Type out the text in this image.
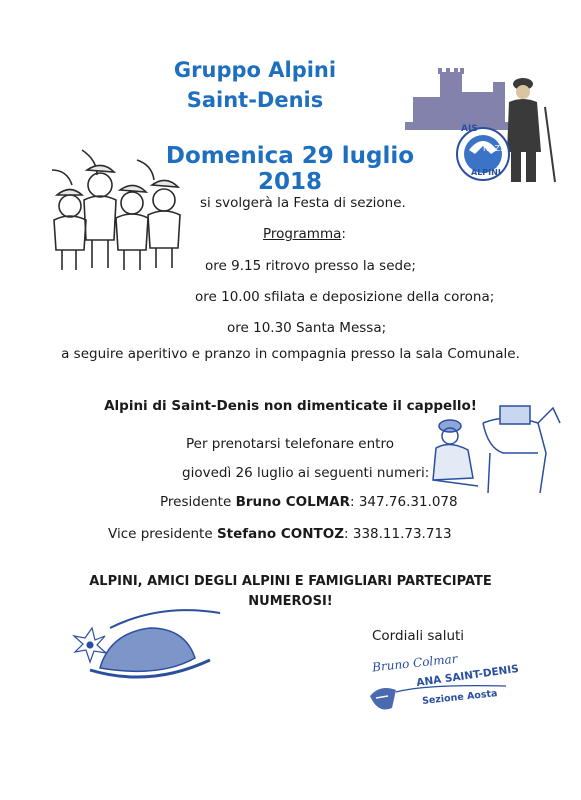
Gruppo Alpini
Saint-Denis
Domenica 29 luglio 2018
AJS
NAZ.
ALPINI
si svolgerà la Festa di sezione.
Programma:
ore 9.15 ritrovo presso la sede;
ore 10.00 sfilata e deposizione della corona;
ore 10.30 Santa Messa;
a seguire aperitivo e pranzo in compagnia presso la sala Comunale.
Alpini di Saint-Denis non dimenticate il cappello!
Per prenotarsi telefonare entro
giovedì 26 luglio ai seguenti numeri:
Presidente Bruno COLMAR: 347.76.31.078
Vice presidente Stefano CONTOZ: 338.11.73.713
ALPINI, AMICI DEGLI ALPINI E FAMIGLIARI PARTECIPATE
NUMEROSI!
Cordiali saluti
Bruno Colmar
ANA SAINT-DENIS
Sezione Aosta
